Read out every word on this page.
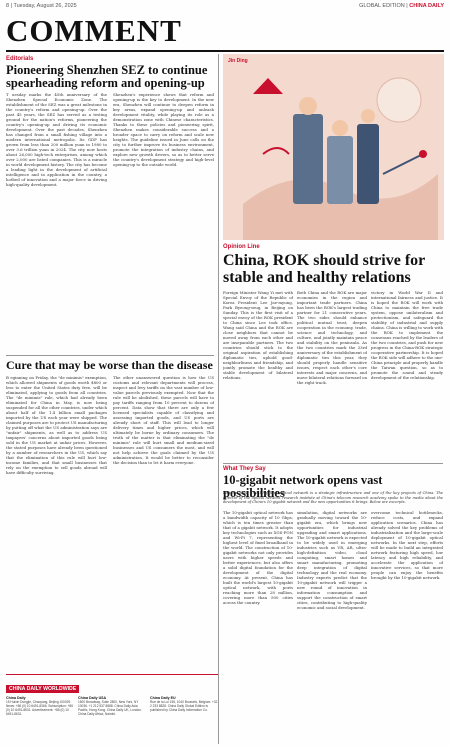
8 | Tuesday, August 26, 2025	GLOBAL EDITION | CHINA DAILY
COMMENT
Editorials
Pioneering Shenzhen SEZ to continue spearheading reform and opening-up
T uesday marks the 45th anniversary of the Shenzhen Special Economic Zone. The establishment of the SEZ was a great milestone in the country's reform and opening-up. Over the past 45 years, the SEZ has served as a testing ground for the nation's reforms, pioneering the country's opening-up and driving its economic development. Over the past decades, Shenzhen has changed from a small fishing village into a modern international metropolis. Its GDP has grown from less than 200 million yuan in 1980 to over 3.6 trillion yuan in 2024. The city now hosts about 26,000 high-tech enterprises, among which over 2,000 are listed companies. This is a miracle in world development history. The city has become a leading light in the development of artificial intelligence and in application in the country, a hotbed of innovation and a major force in driving high-quality development.
Shenzhen's experience shows that reform and opening-up is the key to development. In the new era, Shenzhen will continue to deepen reform in key areas, expand opening-up and unleash development vitality, while playing its role as a demonstration zone with Chinese characteristics. Thanks to these policies and pioneering spirit, Shenzhen makes considerable success and a broader space to carry on reform and scale new heights. The guideline issued in June calls on the city to further improve its business environment, promote the integration of industry chains, and explore new growth drivers, so as to better serve the country's development strategy and high-level opening-up to the outside world.
Cure that may be worse than the disease
B eginning on Friday, the "de minimis" exemption, which allowed shipments of goods worth $800 or less to enter the United States duty free, will be eliminated, applying to goods from all countries. The "de minimis" rule, which had already been eliminated for China in May, is now being suspended for all the other countries, under which about half of the 1.4 billion small packages imported by the US each year were shipped. The claimed purposes are to protect US manufacturing by putting off what the US administration says are "unfair" shipments, as well as to address US taxpayers' concerns about imported goods being sold in the US market at unfair prices. However, the stated purposes have already been questioned by a number of researchers in the US, which say that the elimination of this rule will hurt low-income families, and that small businesses that rely on the exemption to sell goods abroad will have difficulty surviving.
The other unanswered question is how the US customs and relevant departments will process, inspect and levy tariffs on the vast number of low-value parcels previously exempted. Now that the rule will be abolished, these parcels will have to pay tariffs ranging from 10 percent to dozens of percent. Data show that there are only a few licensed specialists capable of classifying and assessing imported goods, and US ports are already short of staff. This will lead to longer delivery times and higher prices, which will ultimately be borne by ordinary consumers. The truth of the matter is that eliminating the "de minimis" rule will hurt small and medium-sized businesses and US consumers the most, and will not help achieve the goals claimed by the US administration. It would be better to reconsider the decision than to let it harm everyone.
Jin Ding
Opinion Line
China, ROK should strive for stable and healthy relations
Foreign Minister Wang Yi met with Special Envoy of the Republic of Korea President Lee Jae-myung, Park Byeong-seug, in Beijing on Sunday. This is the first visit of a special envoy of the ROK president to China since Lee took office. Wang said China and the ROK are close neighbors that cannot be moved away from each other and are inseparable partners. The two countries should stick to the original aspiration of establishing diplomatic ties, uphold good-neighborliness and friendship, and jointly promote the healthy and stable development of bilateral relations.
Both China and the ROK are major economies in the region and important trade partners. China has been the ROK's largest trading partner for 21 consecutive years. The two sides should enhance political mutual trust, deepen cooperation in the economy, trade, science and technology, and culture, and jointly maintain peace and stability on the peninsula. As the two countries mark the 33rd anniversary of the establishment of diplomatic ties this year, they should properly handle sensitive issues, respect each other's core interests and major concerns, and move bilateral relations forward on the right track.
victory in World War II and international fairness and justice. It is hoped the ROK will work with China to maintain the free trade system, oppose unilateralism and protectionism, and safeguard the stability of industrial and supply chains. China is willing to work with the ROK to implement the consensus reached by the leaders of the two countries, and push for new progress in the China-ROK strategic cooperative partnership. It is hoped the ROK side will adhere to the one-China principle and properly handle the Taiwan question, so as to promote the sound and steady development of the relationship.
What They Say
10-gigabit network opens vast possibilities
Editor's Note: The 10-gigabit optical network is a strategic infrastructure and one of the key projects of China. The director of the optical network research institute at China's telecom research academy spoke to the media about the development of China's 10-gigabit network and the new opportunities it brings. Below are excerpts.
The 10-gigabit optical network has a bandwidth capacity of 10 Gbps, which is ten times greater than that of a gigabit network. It adopts key technologies such as XGS-PON and Wi-Fi 7, representing the highest level of fixed broadband in the world. The construction of 10-gigabit networks not only provides users with higher speeds and better experiences, but also offers a solid digital foundation for the development of the digital economy. At present, China has built the world's largest 10-gigabit optical network, with ports reaching more than 28 million, covering more than 500 cities across the country.
simulation, digital networks are gradually moving toward the 10-gigabit era, which brings new opportunities for industrial upgrading and smart applications. The 10-gigabit network is expected to be widely used in emerging industries such as VR, AR, ultra-high-definition video, cloud computing, smart homes and smart manufacturing, promoting deep integration of digital technology and the real economy. Industry experts predict that the 10-gigabit network will trigger a new round of innovation in information consumption and support the construction of smart cities, contributing to high-quality economic and social development.
overcome technical bottlenecks, reduce costs, and expand application scenarios. China has already solved the key problems of industrialization and the large-scale deployment of 10-gigabit optical networks. In the next step, efforts will be made to build an integrated network featuring high speed, low latency and high reliability, and accelerate the application of innovative services, so that more people can enjoy the benefits brought by the 10-gigabit network.
CHINA DAILY WORLDWIDE
China Daily
15 Huixin Dongjie, Chaoyang, Beijing 100029. News: +86 (0) 10 6491-8366. Subscription: +86 (0) 10 6491-8631. Advertisement: +86 (0) 10 6491-8631.
China Daily USA
1500 Broadway, Suite 2800, New York, NY 10036. +1 212 537 8888. China Daily Asia Pacific, Hong Kong. China Daily UK, London. China Daily Africa, Nairobi.
China Daily EU
Rue de la Loi 155, 1040 Brussels, Belgium. +32 2 233 8828. China Daily Global Edition is published by China Daily Information Co.
